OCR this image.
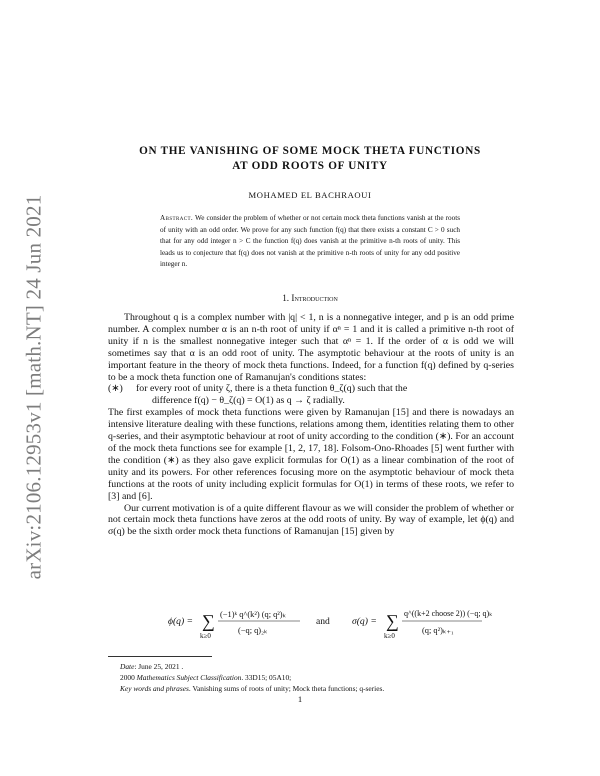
arXiv:2106.12953v1 [math.NT] 24 Jun 2021
ON THE VANISHING OF SOME MOCK THETA FUNCTIONS
AT ODD ROOTS OF UNITY
MOHAMED EL BACHRAOUI
Abstract. We consider the problem of whether or not certain mock theta functions vanish at the roots of unity with an odd order. We prove for any such function f(q) that there exists a constant C > 0 such that for any odd integer n > C the function f(q) does vanish at the primitive n-th roots of unity. This leads us to conjecture that f(q) does not vanish at the primitive n-th roots of unity for any odd positive integer n.
1. Introduction

Throughout q is a complex number with |q| < 1, n is a nonnegative integer, and p is an odd prime number. A complex number α is an n-th root of unity if αⁿ = 1 and it is called a primitive n-th root of unity if n is the smallest nonnegative integer such that αⁿ = 1. If the order of α is odd we will sometimes say that α is an odd root of unity. The asymptotic behaviour at the roots of unity is an important feature in the theory of mock theta functions. Indeed, for a function f(q) defined by q-series to be a mock theta function one of Ramanujan's conditions states:

(∗)	for every root of unity ζ, there is a theta function θ_ζ(q) such that the
difference f(q) − θ_ζ(q) = O(1) as q → ζ radially.

The first examples of mock theta functions were given by Ramanujan [15] and there is nowadays an intensive literature dealing with these functions, relations among them, identities relating them to other q-series, and their asymptotic behaviour at root of unity according to the condition (∗). For an account of the mock theta functions see for example [1, 2, 17, 18]. Folsom-Ono-Rhoades [5] went further with the condition (∗) as they also gave explicit formulas for O(1) as a linear combination of the root of unity and its powers. For other references focusing more on the asymptotic behaviour of mock theta functions at the roots of unity including explicit formulas for O(1) in terms of these roots, we refer to [3] and [6].

Our current motivation is of a quite different flavour as we will consider the problem of whether or not certain mock theta functions have zeros at the odd roots of unity. By way of example, let ϕ(q) and σ(q) be the sixth order mock theta functions of Ramanujan [15] given by

ϕ(q) = ∑
k≥0
(−1)ᵏ q^(k²) (q; q²)ₖ
(−q; q)₂ₖ
and σ(q) = ∑
k≥0
q^((k+2 choose 2)) (−q; q)ₖ
(q; q²)ₖ₊₁
Date: June 25, 2021 .
2000 Mathematics Subject Classification. 33D15; 05A10;
Key words and phrases. Vanishing sums of roots of unity; Mock theta functions; q-series.
1
